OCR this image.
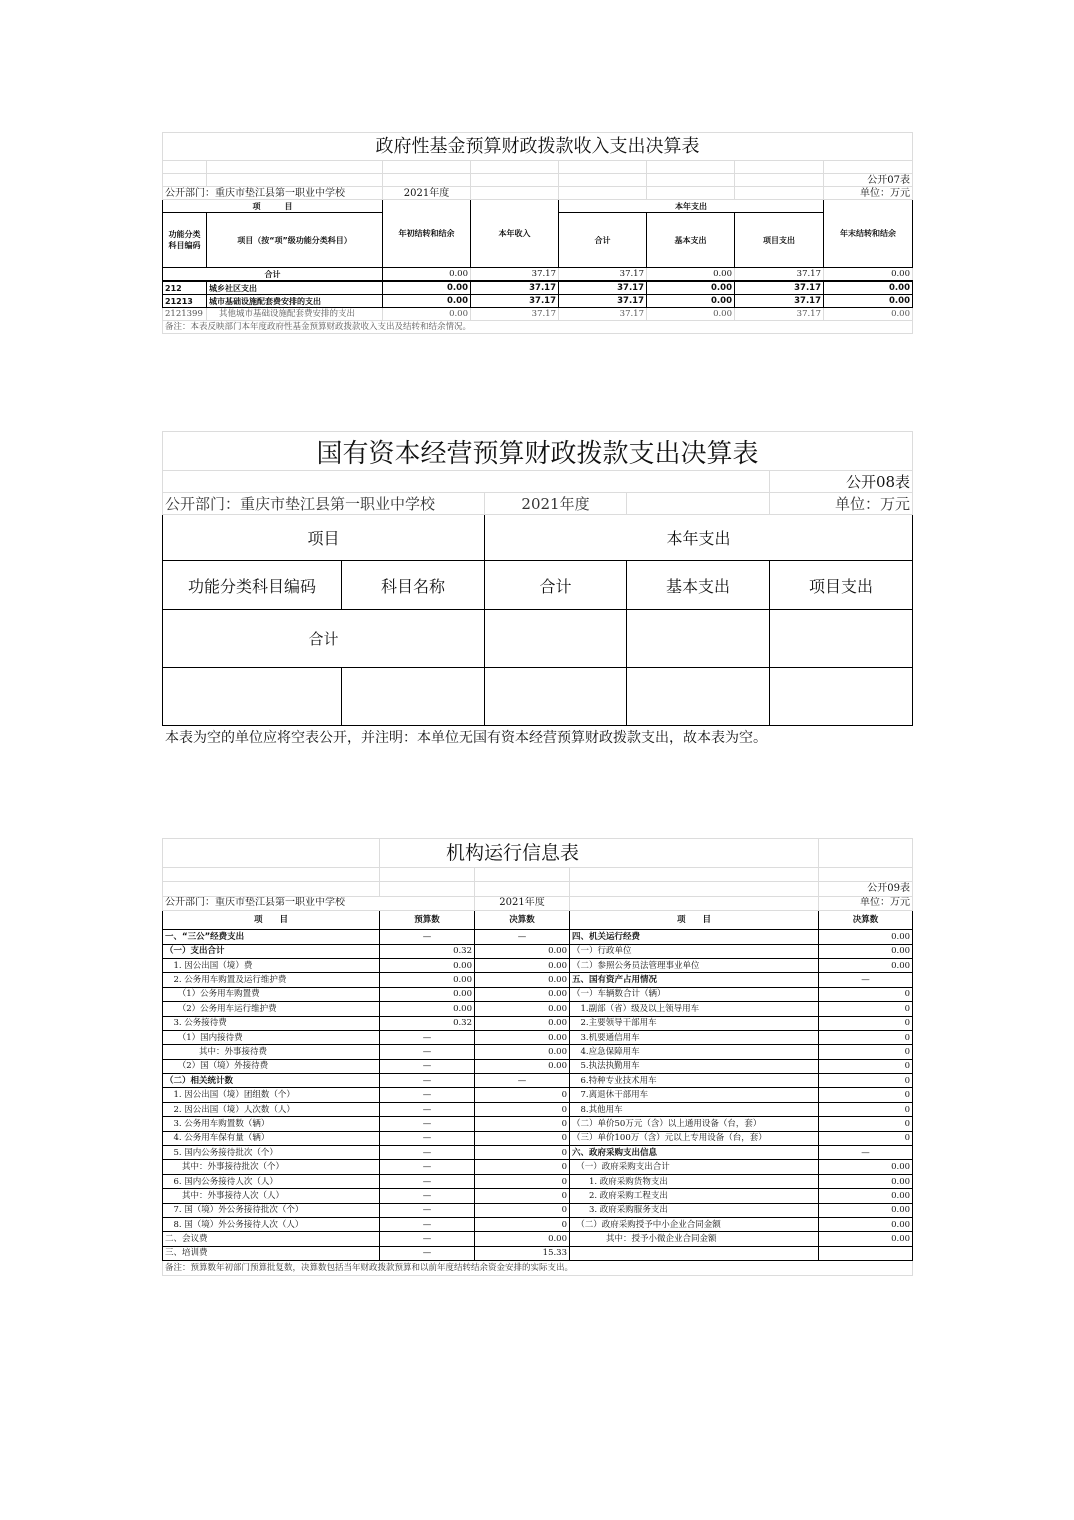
政府性基金预算财政拨款收入支出决算表							

							公开07表
公开部门：重庆市垫江县第一职业中学校		2021年度					单位：万元
项　　　目		年初结转和结余	本年收入	本年支出			年末结转和结余
功能分类科目编码	项目（按“项”级功能分类科目）			合计	基本支出	项目支出	
合计		0.00	37.17	37.17	0.00	37.17	0.00
212	城乡社区支出	0.00	37.17	37.17	0.00	37.17	0.00
21213	城市基础设施配套费安排的支出	0.00	37.17	37.17	0.00	37.17	0.00
2121399	其他城市基础设施配套费安排的支出	0.00	37.17	37.17	0.00	37.17	0.00
备注：本表反映部门本年度政府性基金预算财政拨款收入支出及结转和结余情况。							
国有资本经营预算财政拨款支出决算表				
				公开08表
公开部门：重庆市垫江县第一职业中学校		2021年度		单位：万元
项目		本年支出		
功能分类科目编码	科目名称	合计	基本支出	项目支出
合计				

本表为空的单位应将空表公开，并注明：本单位无国有资本经营预算财政拨款支出，故本表为空。
	机构运行信息表			

				公开09表
公开部门：重庆市垫江县第一职业中学校		2021年度		单位：万元
项　　目	预算数	决算数	项　　目	决算数
一、“三公”经费支出	—	—	四、机关运行经费	0.00
（一）支出合计	0.32	0.00	（一）行政单位	0.00
　1. 因公出国（境）费	0.00	0.00	（二）参照公务员法管理事业单位	0.00
　2. 公务用车购置及运行维护费	0.00	0.00	五、国有资产占用情况	—
　　（1）公务用车购置费	0.00	0.00	（一）车辆数合计（辆）	0
　　（2）公务用车运行维护费	0.00	0.00	　1.副部（省）级及以上领导用车	0
　3. 公务接待费	0.32	0.00	　2.主要领导干部用车	0
　　（1）国内接待费	—	0.00	　3.机要通信用车	0
　　　　其中：外事接待费	—	0.00	　4.应急保障用车	0
　　（2）国（境）外接待费	—	0.00	　5.执法执勤用车	0
（二）相关统计数	—	—	　6.特种专业技术用车	0
　1. 因公出国（境）团组数（个）	—	0	　7.离退休干部用车	0
　2. 因公出国（境）人次数（人）	—	0	　8.其他用车	0
　3. 公务用车购置数（辆）	—	0	（二）单价50万元（含）以上通用设备（台，套）	0
　4. 公务用车保有量（辆）	—	0	（三）单价100万（含）元以上专用设备（台，套）	0
　5. 国内公务接待批次（个）	—	0	六、政府采购支出信息	—
　　其中：外事接待批次（个）	—	0	　（一）政府采购支出合计	0.00
　6. 国内公务接待人次（人）	—	0	　　1. 政府采购货物支出	0.00
　　其中：外事接待人次（人）	—	0	　　2. 政府采购工程支出	0.00
　7. 国（境）外公务接待批次（个）	—	0	　　3. 政府采购服务支出	0.00
　8. 国（境）外公务接待人次（人）	—	0	　（二）政府采购授予中小企业合同金额	0.00
二、会议费	—	0.00	　　　　其中：授予小微企业合同金额	0.00
三、培训费	—	15.33		
备注：预算数年初部门预算批复数，决算数包括当年财政拨款预算和以前年度结转结余资金安排的实际支出。				
